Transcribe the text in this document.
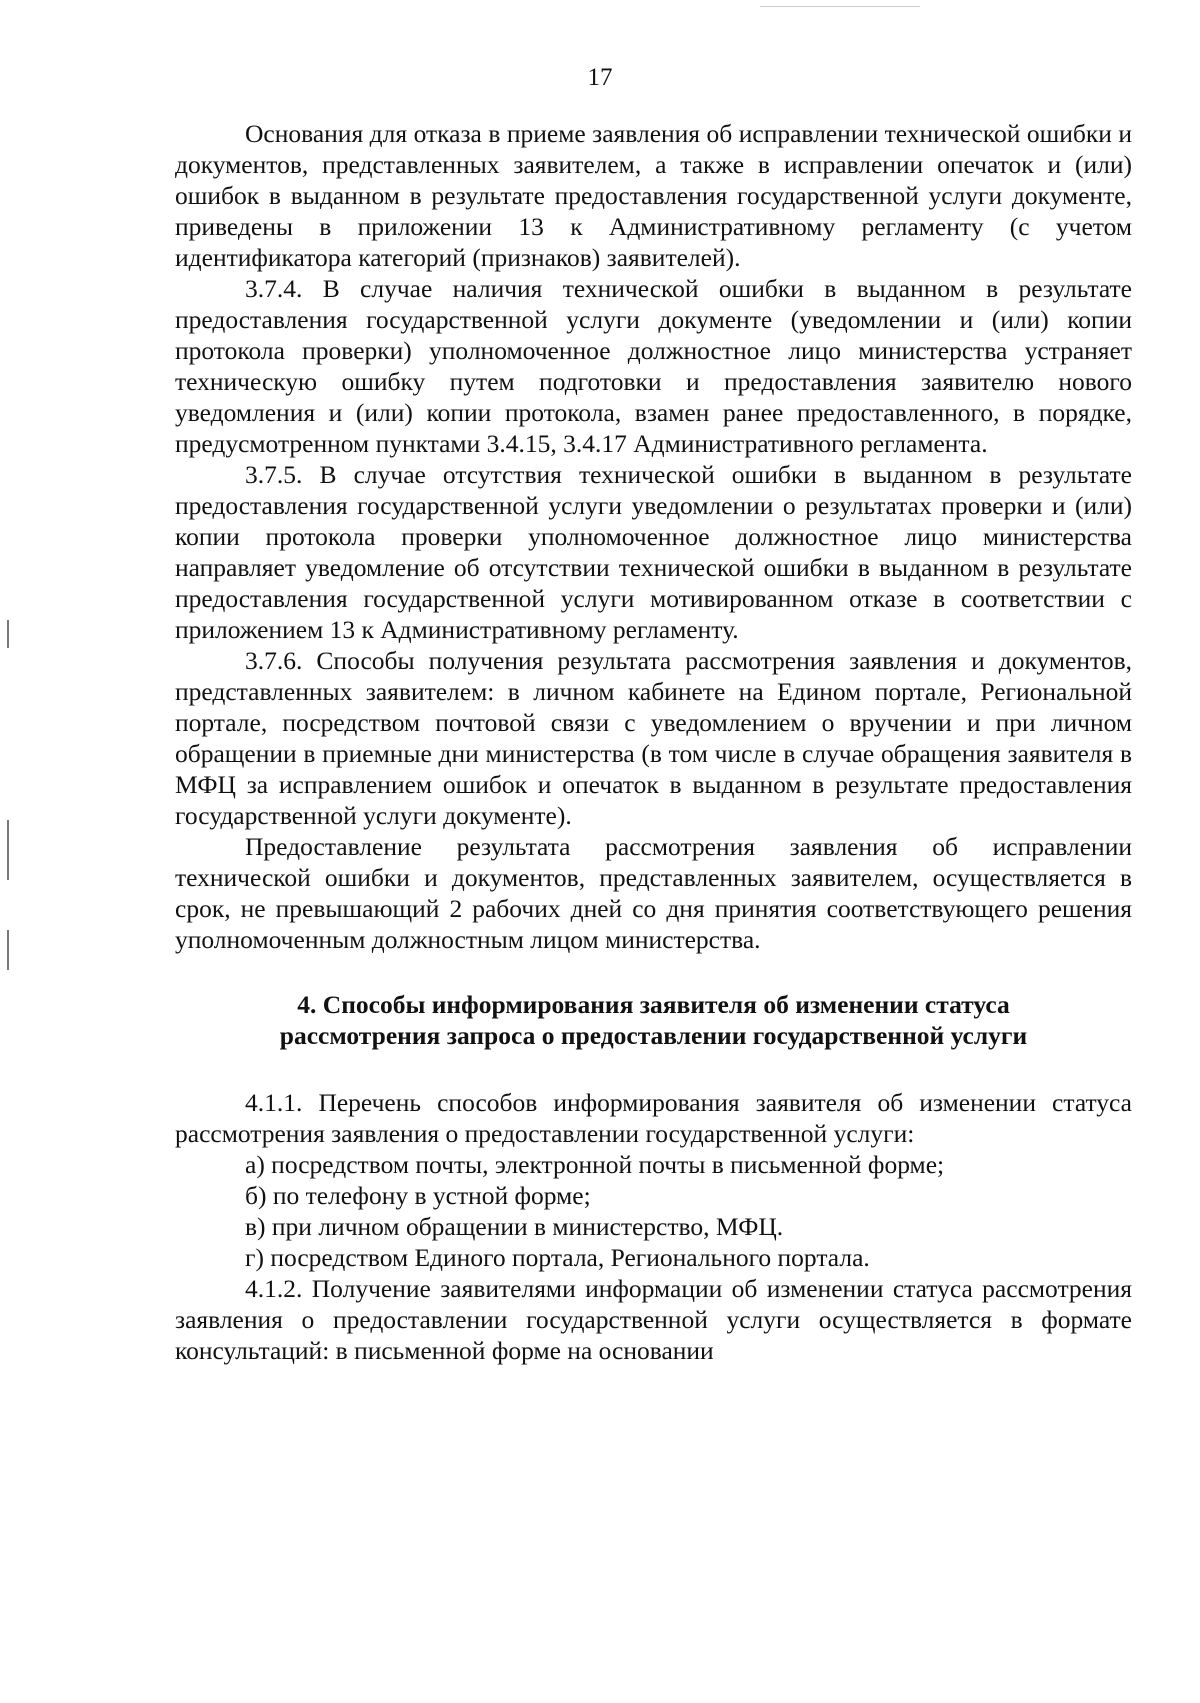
17

Основания для отказа в приеме заявления об исправлении технической ошибки и документов, представленных заявителем, а также в исправлении опечаток и (или) ошибок в выданном в результате предоставления государственной услуги документе, приведены в приложении 13 к Административному регламенту (с учетом идентификатора категорий (признаков) заявителей).

3.7.4. В случае наличия технической ошибки в выданном в результате предоставления государственной услуги документе (уведомлении и (или) копии протокола проверки) уполномоченное должностное лицо министерства устраняет техническую ошибку путем подготовки и предоставления заявителю нового уведомления и (или) копии протокола, взамен ранее предоставленного, в порядке, предусмотренном пунктами 3.4.15, 3.4.17 Административного регламента.

3.7.5. В случае отсутствия технической ошибки в выданном в результате предоставления государственной услуги уведомлении о результатах проверки и (или) копии протокола проверки уполномоченное должностное лицо министерства направляет уведомление об отсутствии технической ошибки в выданном в результате предоставления государственной услуги мотивированном отказе в соответствии с приложением 13 к Административному регламенту.

3.7.6. Способы получения результата рассмотрения заявления и документов, представленных заявителем: в личном кабинете на Едином портале, Региональной портале, посредством почтовой связи с уведомлением о вручении и при личном обращении в приемные дни министерства (в том числе в случае обращения заявителя в МФЦ за исправлением ошибок и опечаток в выданном в результате предоставления государственной услуги документе).

Предоставление результата рассмотрения заявления об исправлении технической ошибки и документов, представленных заявителем, осуществляется в срок, не превышающий 2 рабочих дней со дня принятия соответствующего решения уполномоченным должностным лицом министерства.

4. Способы информирования заявителя об изменении статуса
рассмотрения запроса о предоставлении государственной услуги

4.1.1. Перечень способов информирования заявителя об изменении статуса рассмотрения заявления о предоставлении государственной услуги:

а) посредством почты, электронной почты в письменной форме;

б) по телефону в устной форме;

в) при личном обращении в министерство, МФЦ.

г) посредством Единого портала, Регионального портала.

4.1.2. Получение заявителями информации об изменении статуса рассмотрения заявления о предоставлении государственной услуги осуществляется в формате консультаций: в письменной форме на основании
